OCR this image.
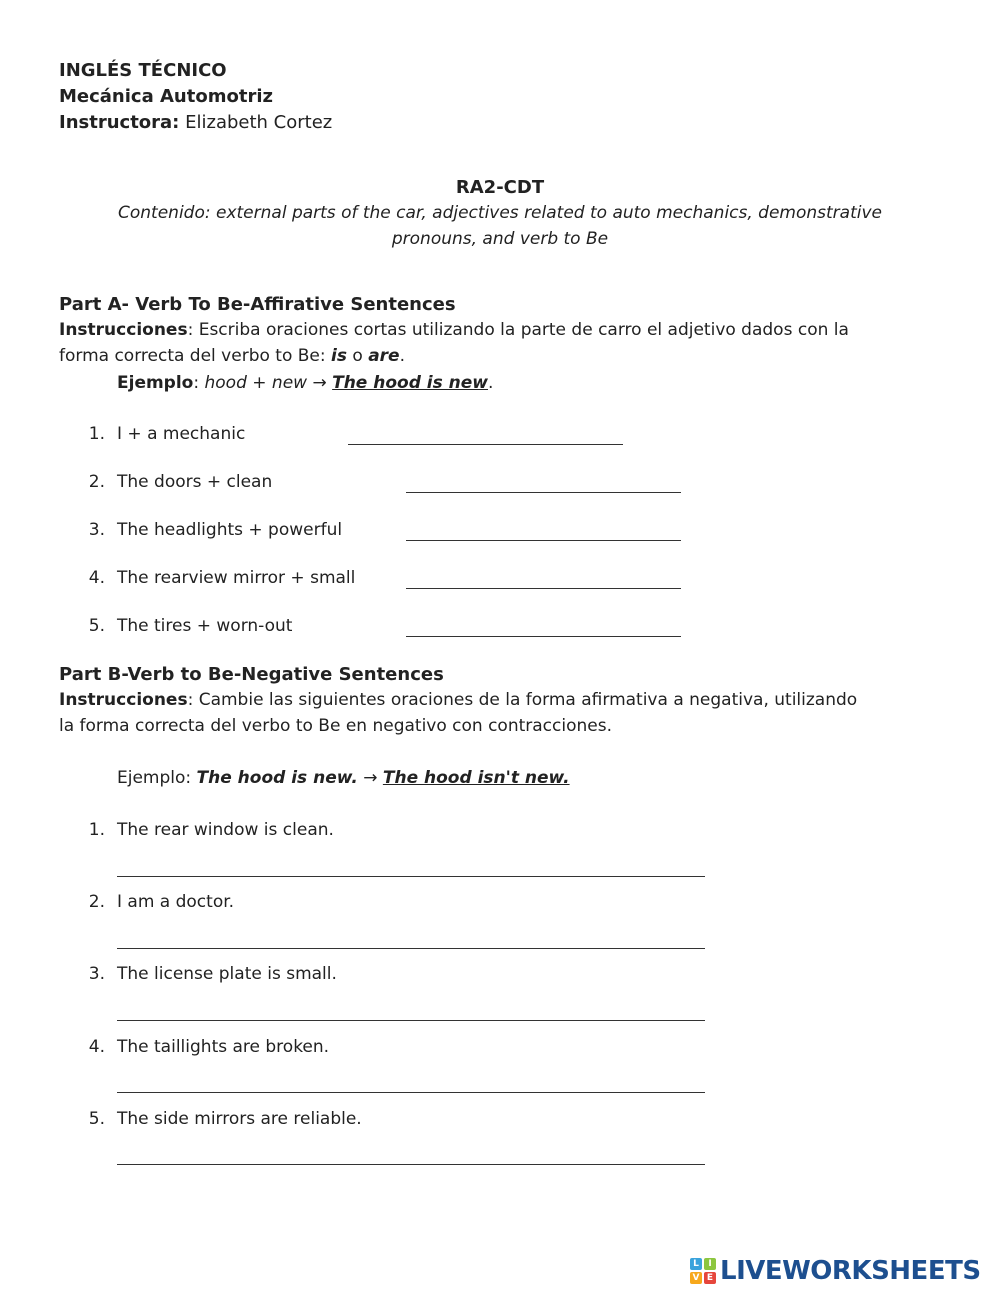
INGLÉS TÉCNICO
Mecánica Automotriz
Instructora: Elizabeth Cortez
RA2-CDT
Contenido: external parts of the car, adjectives related to auto mechanics, demonstrative
pronouns, and verb to Be
Part A- Verb To Be-Affirative Sentences
Instrucciones: Escriba oraciones cortas utilizando la parte de carro el adjetivo dados con la
forma correcta del verbo to Be: is o are.
Ejemplo: hood + new → The hood is new.
1. I + a mechanic
2. The doors + clean
3. The headlights + powerful
4. The rearview mirror + small
5. The tires + worn-out
Part B-Verb to Be-Negative Sentences
Instrucciones: Cambie las siguientes oraciones de la forma afirmativa a negativa, utilizando
la forma correcta del verbo to Be en negativo con contracciones.
Ejemplo: The hood is new. → The hood isn't new.
1. The rear window is clean.
2. I am a doctor.
3. The license plate is small.
4. The taillights are broken.
5. The side mirrors are reliable.
L	I
V E LIVEWORKSHEETS
